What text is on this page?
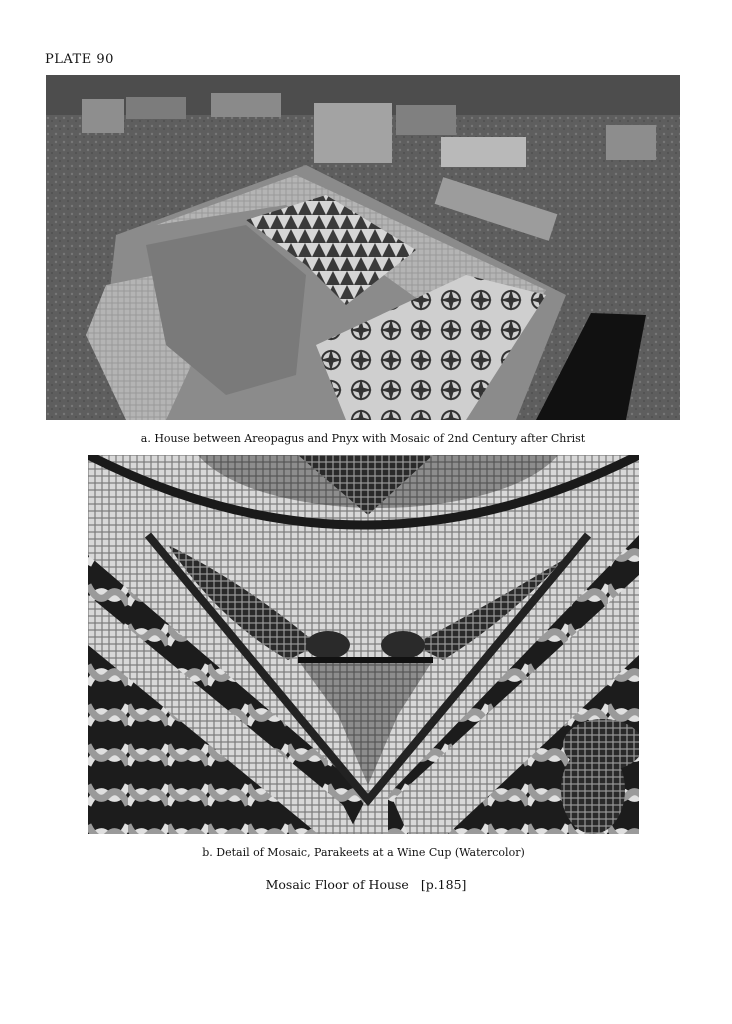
PLATE 90
a. House between Areopagus and Pnyx with Mosaic of 2nd Century after Christ
b. Detail of Mosaic, Parakeets at a Wine Cup (Watercolor)
Mosaic Floor of House [p.185]
